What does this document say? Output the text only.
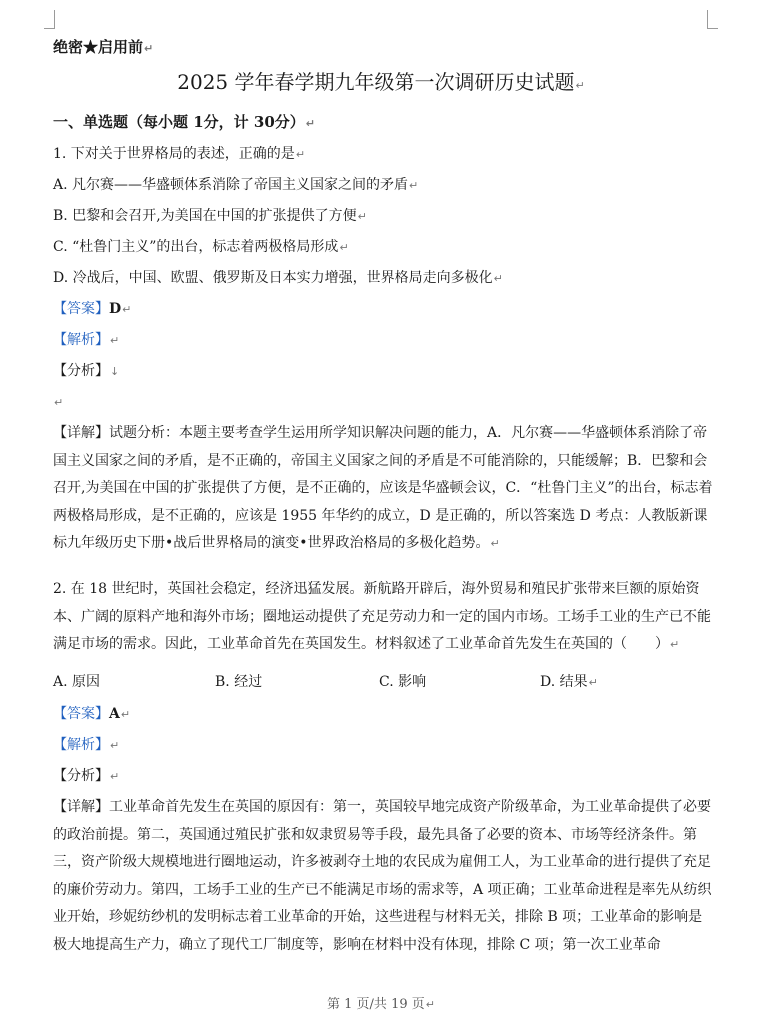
绝密★启用前↵
2025 学年春学期九年级第一次调研历史试题↵
一、单选题（每小题 1分，计 30分）↵
1. 下对关于世界格局的表述，正确的是↵
A. 凡尔赛——华盛顿体系消除了帝国主义国家之间的矛盾↵
B. 巴黎和会召开,为美国在中国的扩张提供了方便↵
C. “杜鲁门主义”的出台，标志着两极格局形成↵
D. 冷战后，中国、欧盟、俄罗斯及日本实力增强，世界格局走向多极化↵
【答案】D↵
【解析】↵
【分析】↓
↵
【详解】试题分析：本题主要考查学生运用所学知识解决问题的能力，A．凡尔赛——华盛顿体系消除了帝国主义国家之间的矛盾，是不正确的，帝国主义国家之间的矛盾是不可能消除的，只能缓解；B．巴黎和会召开,为美国在中国的扩张提供了方便，是不正确的，应该是华盛顿会议，C．“杜鲁门主义”的出台，标志着两极格局形成，是不正确的，应该是 1955 年华约的成立，D 是正确的，所以答案选 D 考点：人教版新课标九年级历史下册•战后世界格局的演变•世界政治格局的多极化趋势。↵
2. 在 18 世纪时，英国社会稳定，经济迅猛发展。新航路开辟后，海外贸易和殖民扩张带来巨额的原始资本、广阔的原料产地和海外市场；圈地运动提供了充足劳动力和一定的国内市场。工场手工业的生产已不能满足市场的需求。因此，工业革命首先在英国发生。材料叙述了工业革命首先发生在英国的（　　）↵
A. 原因	B. 经过	C. 影响	D. 结果↵
【答案】A↵
【解析】↵
【分析】↵
【详解】工业革命首先发生在英国的原因有：第一，英国较早地完成资产阶级革命，为工业革命提供了必要的政治前提。第二，英国通过殖民扩张和奴隶贸易等手段，最先具备了必要的资本、市场等经济条件。第三，资产阶级大规模地进行圈地运动，许多被剥夺土地的农民成为雇佣工人，为工业革命的进行提供了充足的廉价劳动力。第四，工场手工业的生产已不能满足市场的需求等，A 项正确；工业革命进程是率先从纺织业开始，珍妮纺纱机的发明标志着工业革命的开始，这些进程与材料无关，排除 B 项；工业革命的影响是极大地提高生产力，确立了现代工厂制度等，影响在材料中没有体现，排除 C 项；第一次工业革命
第 1 页/共 19 页↵
